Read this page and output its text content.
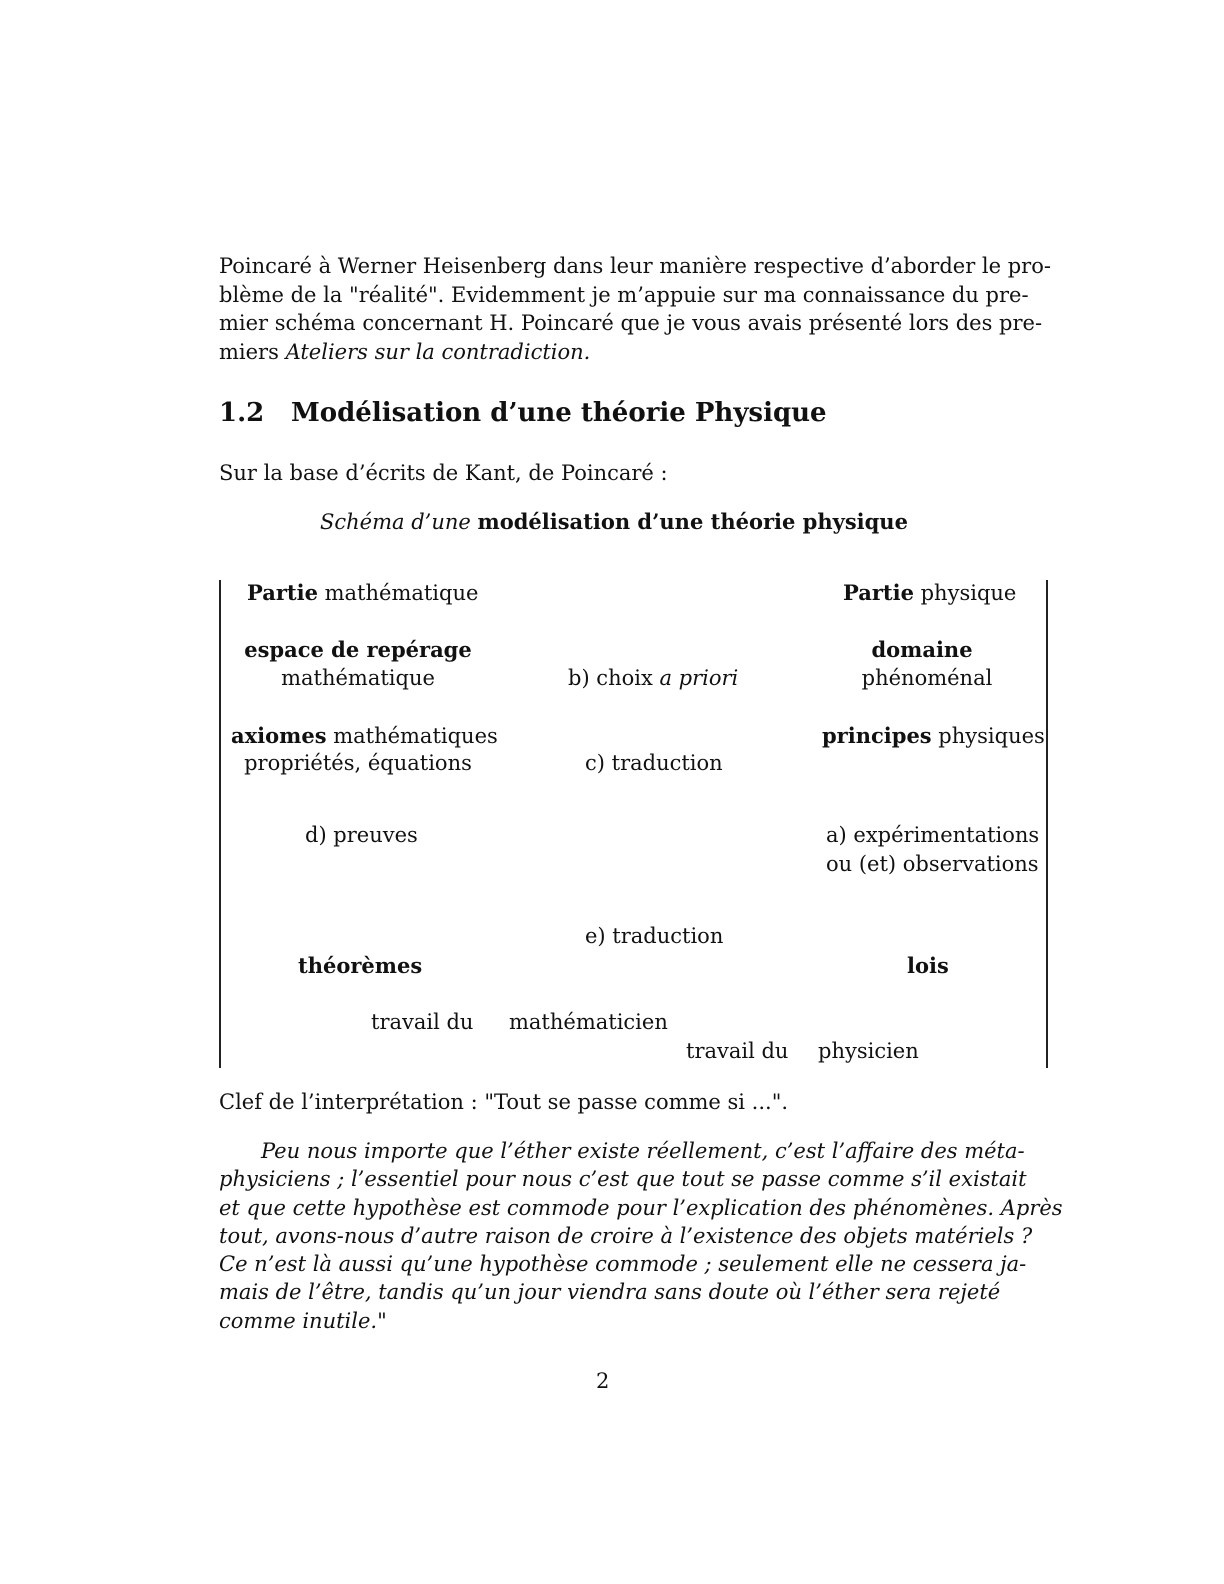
Poincaré à Werner Heisenberg dans leur manière respective d’aborder le pro-
blème de la "réalité". Evidemment je m’appuie sur ma connaissance du pre-
mier schéma concernant H. Poincaré que je vous avais présenté lors des pre-
miers Ateliers sur la contradiction.
1.2 Modélisation d’une théorie Physique
Sur la base d’écrits de Kant, de Poincaré :
Schéma d’une modélisation d’une théorie physique
Partie mathématique	Partie physique
espace de repérage
mathématique
domaine
phénoménal
b) choix a priori
axiomes mathématiques
propriétés, équations
principes physiques
c) traduction
d) preuves	a) expérimentations
ou (et) observations
e) traduction
théorèmes	lois
travail du mathématicien
travail du physicien
Clef de l’interprétation : "Tout se passe comme si ...".
Peu nous importe que l’éther existe réellement, c’est l’affaire des méta-
physiciens ; l’essentiel pour nous c’est que tout se passe comme s’il existait
et que cette hypothèse est commode pour l’explication des phénomènes. Après
tout, avons-nous d’autre raison de croire à l’existence des objets matériels ?
Ce n’est là aussi qu’une hypothèse commode ; seulement elle ne cessera ja-
mais de l’être, tandis qu’un jour viendra sans doute où l’éther sera rejeté
comme inutile."
2
